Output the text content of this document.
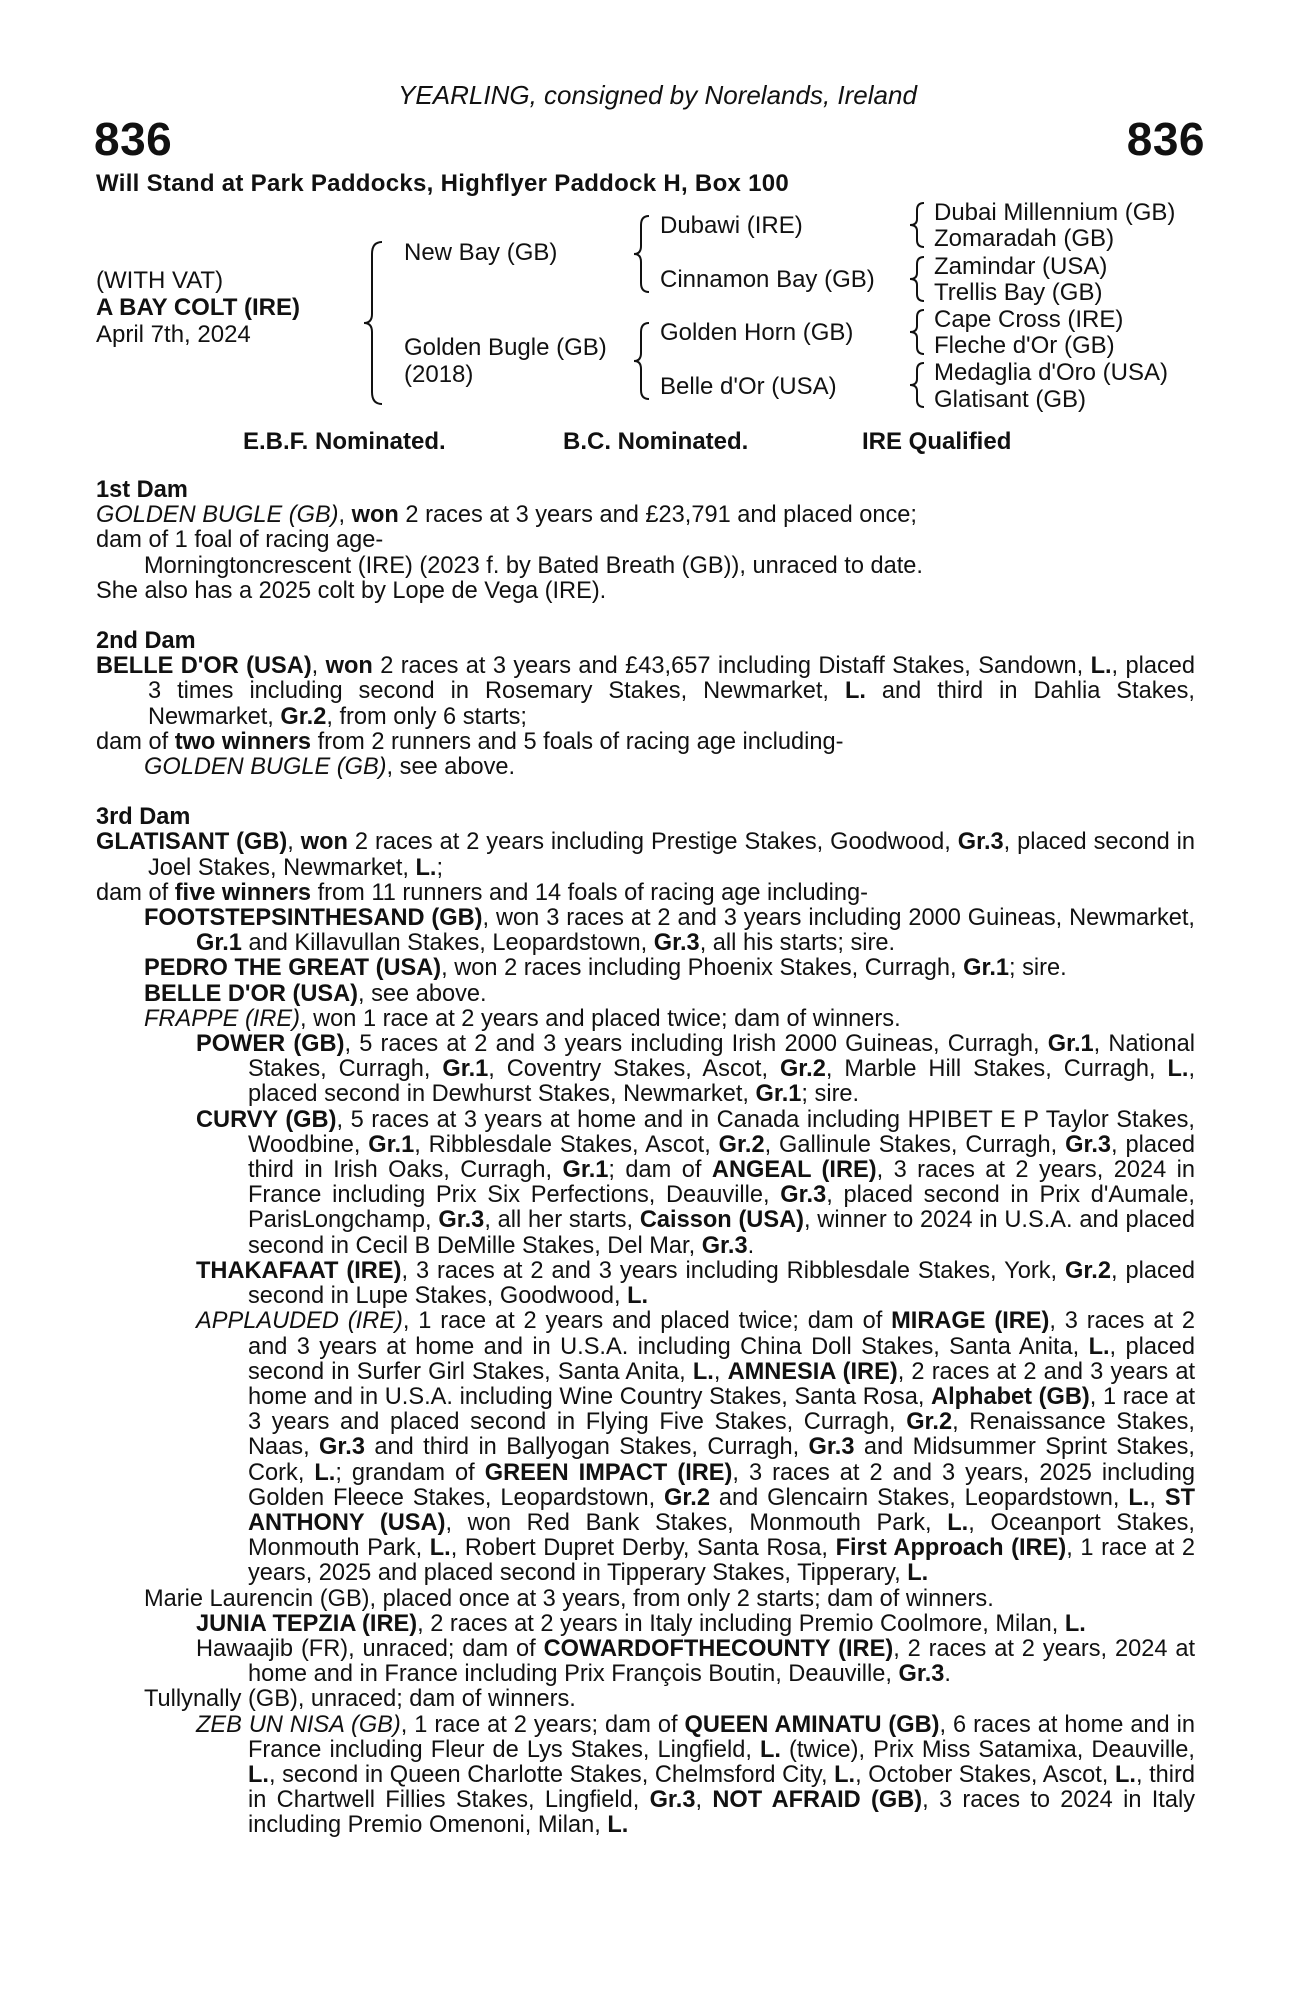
YEARLING, consigned by Norelands, Ireland
836	836
Will Stand at Park Paddocks, Highflyer Paddock H, Box 100
(WITH VAT)
A BAY COLT (IRE)
April 7th, 2024
New Bay (GB)
Golden Bugle (GB)
(2018)
Dubawi (IRE)
Cinnamon Bay (GB)
Golden Horn (GB)
Belle d'Or (USA)
Dubai Millennium (GB)
Zomaradah (GB)
Zamindar (USA)
Trellis Bay (GB)
Cape Cross (IRE)
Fleche d'Or (GB)
Medaglia d'Oro (USA)
Glatisant (GB)
E.B.F. Nominated.	B.C. Nominated.	IRE Qualified

1st Dam

GOLDEN BUGLE (GB), won 2 races at 3 years and £23,791 and placed once;

dam of 1 foal of racing age-

Morningtoncrescent (IRE) (2023 f. by Bated Breath (GB)), unraced to date.

She also has a 2025 colt by Lope de Vega (IRE).

2nd Dam

BELLE D'OR (USA), won 2 races at 3 years and £43,657 including Distaff Stakes, Sandown, L., placed 3 times including second in Rosemary Stakes, Newmarket, L. and third in Dahlia Stakes, Newmarket, Gr.2, from only 6 starts;

dam of two winners from 2 runners and 5 foals of racing age including-

GOLDEN BUGLE (GB), see above.

3rd Dam

GLATISANT (GB), won 2 races at 2 years including Prestige Stakes, Goodwood, Gr.3, placed second in Joel Stakes, Newmarket, L.;

dam of five winners from 11 runners and 14 foals of racing age including-

FOOTSTEPSINTHESAND (GB), won 3 races at 2 and 3 years including 2000 Guineas, Newmarket, Gr.1 and Killavullan Stakes, Leopardstown, Gr.3, all his starts; sire.

PEDRO THE GREAT (USA), won 2 races including Phoenix Stakes, Curragh, Gr.1; sire.

BELLE D'OR (USA), see above.

FRAPPE (IRE), won 1 race at 2 years and placed twice; dam of winners.

POWER (GB), 5 races at 2 and 3 years including Irish 2000 Guineas, Curragh, Gr.1, National Stakes, Curragh, Gr.1, Coventry Stakes, Ascot, Gr.2, Marble Hill Stakes, Curragh, L., placed second in Dewhurst Stakes, Newmarket, Gr.1; sire.

CURVY (GB), 5 races at 3 years at home and in Canada including HPIBET E P Taylor Stakes, Woodbine, Gr.1, Ribblesdale Stakes, Ascot, Gr.2, Gallinule Stakes, Curragh, Gr.3, placed third in Irish Oaks, Curragh, Gr.1; dam of ANGEAL (IRE), 3 races at 2 years, 2024 in France including Prix Six Perfections, Deauville, Gr.3, placed second in Prix d'Aumale, ParisLongchamp, Gr.3, all her starts, Caisson (USA), winner to 2024 in U.S.A. and placed second in Cecil B DeMille Stakes, Del Mar, Gr.3.

THAKAFAAT (IRE), 3 races at 2 and 3 years including Ribblesdale Stakes, York, Gr.2, placed second in Lupe Stakes, Goodwood, L.

APPLAUDED (IRE), 1 race at 2 years and placed twice; dam of MIRAGE (IRE), 3 races at 2 and 3 years at home and in U.S.A. including China Doll Stakes, Santa Anita, L., placed second in Surfer Girl Stakes, Santa Anita, L., AMNESIA (IRE), 2 races at 2 and 3 years at home and in U.S.A. including Wine Country Stakes, Santa Rosa, Alphabet (GB), 1 race at 3 years and placed second in Flying Five Stakes, Curragh, Gr.2, Renaissance Stakes, Naas, Gr.3 and third in Ballyogan Stakes, Curragh, Gr.3 and Midsummer Sprint Stakes, Cork, L.; grandam of GREEN IMPACT (IRE), 3 races at 2 and 3 years, 2025 including Golden Fleece Stakes, Leopardstown, Gr.2 and Glencairn Stakes, Leopardstown, L., ST ANTHONY (USA), won Red Bank Stakes, Monmouth Park, L., Oceanport Stakes, Monmouth Park, L., Robert Dupret Derby, Santa Rosa, First Approach (IRE), 1 race at 2 years, 2025 and placed second in Tipperary Stakes, Tipperary, L.

Marie Laurencin (GB), placed once at 3 years, from only 2 starts; dam of winners.

JUNIA TEPZIA (IRE), 2 races at 2 years in Italy including Premio Coolmore, Milan, L.

Hawaajib (FR), unraced; dam of COWARDOFTHECOUNTY (IRE), 2 races at 2 years, 2024 at home and in France including Prix François Boutin, Deauville, Gr.3.

Tullynally (GB), unraced; dam of winners.

ZEB UN NISA (GB), 1 race at 2 years; dam of QUEEN AMINATU (GB), 6 races at home and in France including Fleur de Lys Stakes, Lingfield, L. (twice), Prix Miss Satamixa, Deauville, L., second in Queen Charlotte Stakes, Chelmsford City, L., October Stakes, Ascot, L., third in Chartwell Fillies Stakes, Lingfield, Gr.3, NOT AFRAID (GB), 3 races to 2024 in Italy including Premio Omenoni, Milan, L.
